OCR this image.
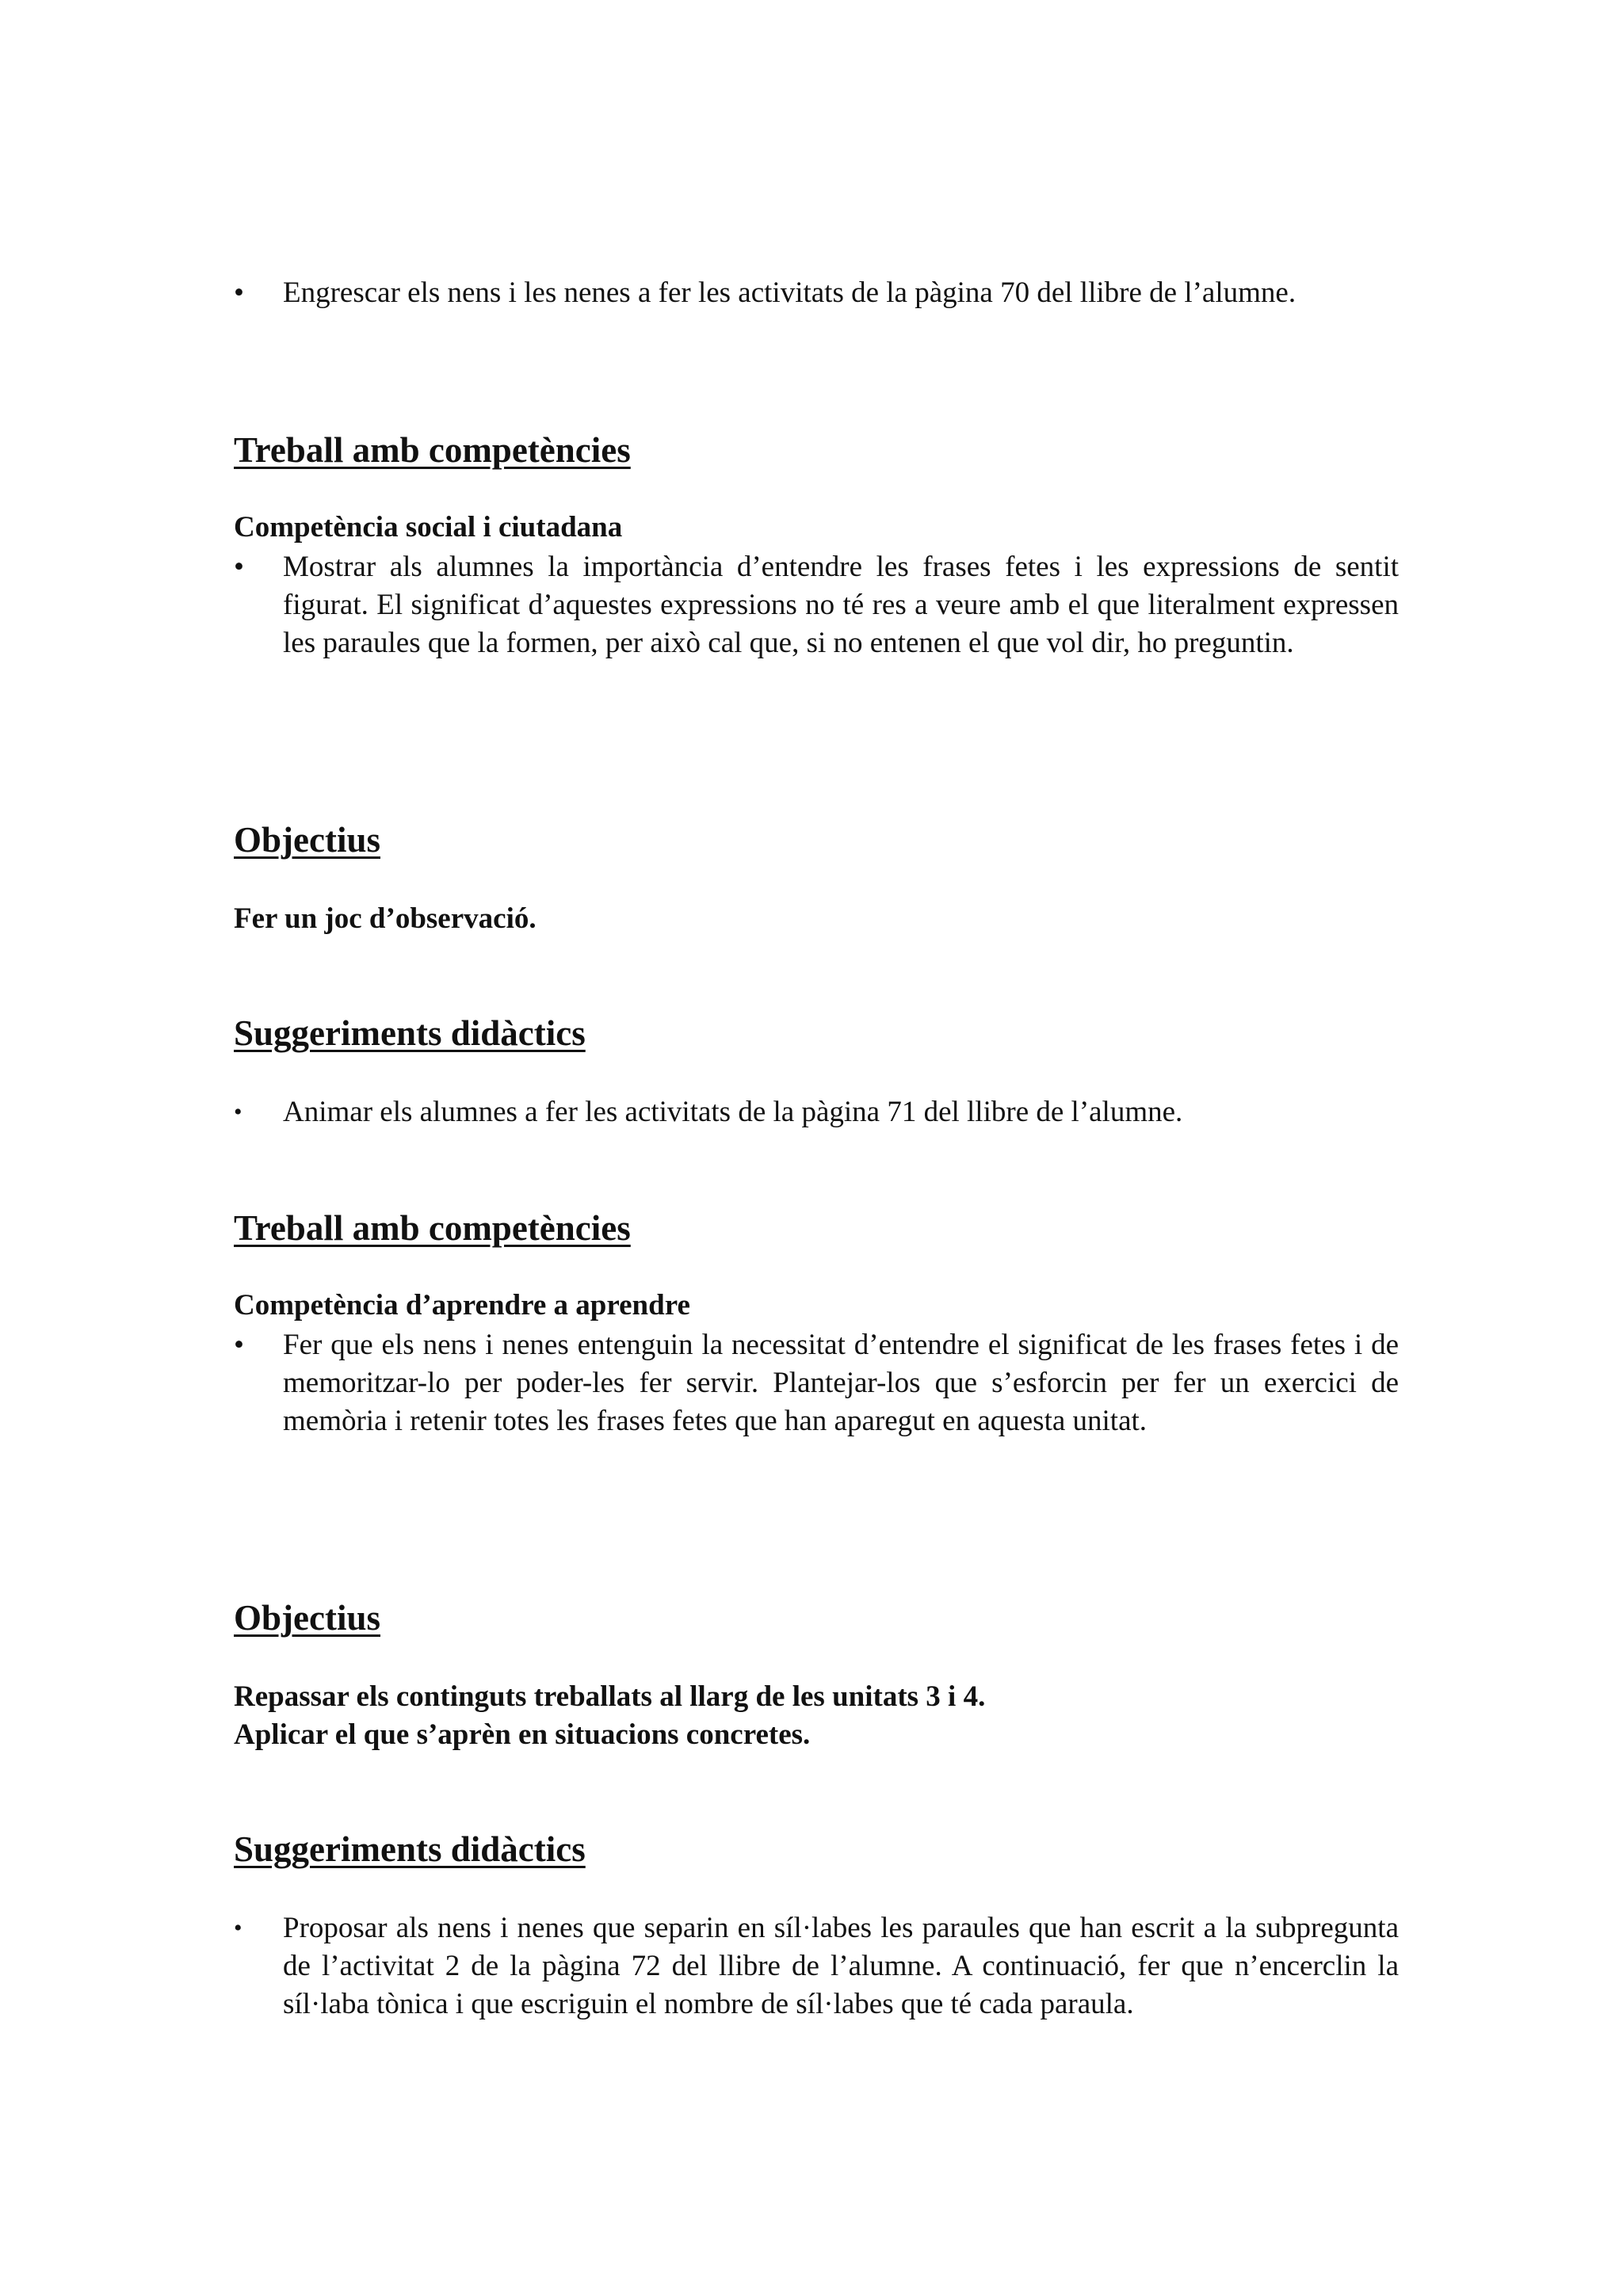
•	Engrescar els nens i les nenes a fer les activitats de la pàgina 70 del llibre de l’alumne.
Treball amb competències
Competència social i ciutadana
•	Mostrar als alumnes la importància d’entendre les frases fetes i les expressions de sentit figurat. El significat d’aquestes expressions no té res a veure amb el que literalment expressen les paraules que la formen, per això cal que, si no entenen el que vol dir, ho preguntin.
Objectius

Fer un joc d’observació.

Suggeriments didàctics
•	Animar els alumnes a fer les activitats de la pàgina 71 del llibre de l’alumne.
Treball amb competències
Competència d’aprendre a aprendre
•	Fer que els nens i nenes entenguin la necessitat d’entendre el significat de les frases fetes i de memoritzar-lo per poder-les fer servir. Plantejar-los que s’esforcin per fer un exercici de memòria i retenir totes les frases fetes que han aparegut en aquesta unitat.
Objectius

Repassar els continguts treballats al llarg de les unitats 3 i 4.

Aplicar el que s’aprèn en situacions concretes.

Suggeriments didàctics
•	Proposar als nens i nenes que separin en síl·labes les paraules que han escrit a la subpregunta de l’activitat 2 de la pàgina 72 del llibre de l’alumne. A continuació, fer que n’encerclin la síl·laba tònica i que escriguin el nombre de síl·labes que té cada paraula.
